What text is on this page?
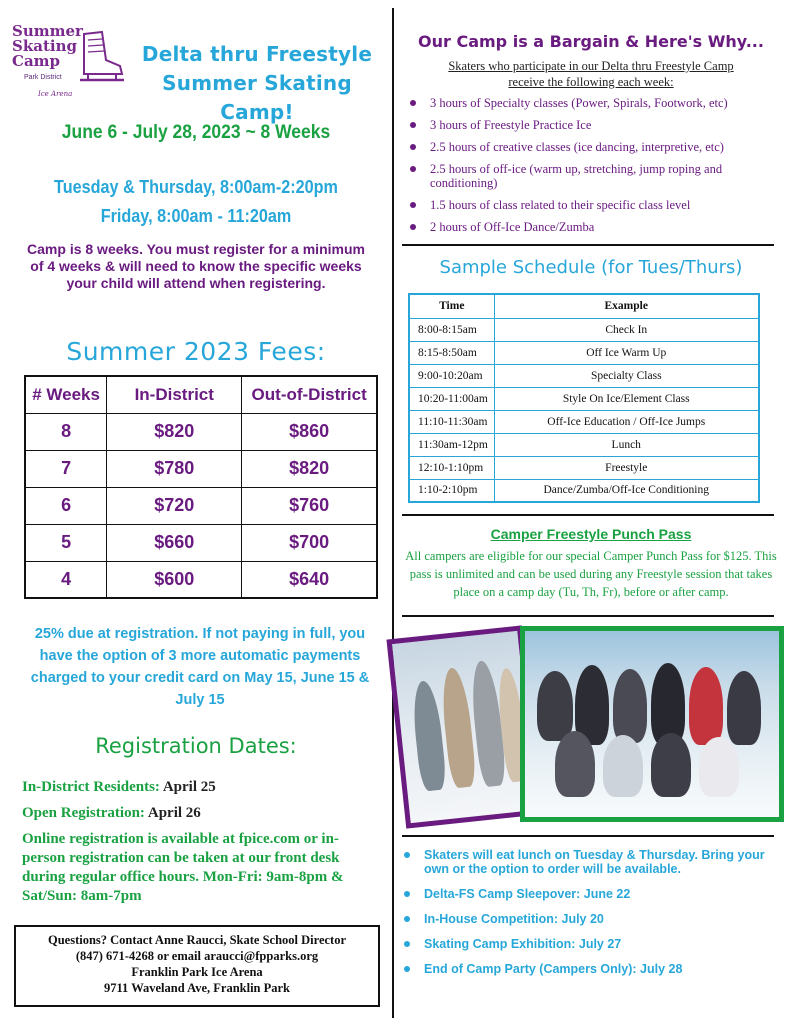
Summer
Skating
Camp
Park District
Ice Arena
Delta thru Freestyle
Summer Skating Camp!
June 6 - July 28, 2023 ~ 8 Weeks
Tuesday & Thursday, 8:00am-2:20pm
Friday, 8:00am - 11:20am
Camp is 8 weeks. You must register for a minimum of 4 weeks & will need to know the specific weeks your child will attend when registering.
Summer 2023 Fees:
# Weeks	In-District	Out-of-District
8	$820	$860
7	$780	$820
6	$720	$760
5	$660	$700
4	$600	$640
25% due at registration. If not paying in full, you have the option of 3 more automatic payments charged to your credit card on May 15, June 15 & July 15
Registration Dates:
In-District Residents: April 25
Open Registration: April 26
Online registration is available at fpice.com or in-person registration can be taken at our front desk during regular office hours. Mon-Fri: 9am-8pm & Sat/Sun: 8am-7pm
Questions? Contact Anne Raucci, Skate School Director
(847) 671-4268 or email araucci@fpparks.org
Franklin Park Ice Arena
9711 Waveland Ave, Franklin Park
Our Camp is a Bargain & Here's Why...
Skaters who participate in our Delta thru Freestyle Camp
receive the following each week:
3 hours of Specialty classes (Power, Spirals, Footwork, etc)
3 hours of Freestyle Practice Ice
2.5 hours of creative classes (ice dancing, interpretive, etc)
2.5 hours of off-ice (warm up, stretching, jump roping and conditioning)
1.5 hours of class related to their specific class level
2 hours of Off-Ice Dance/Zumba
Sample Schedule (for Tues/Thurs)
Time	Example
8:00-8:15am	Check In
8:15-8:50am	Off Ice Warm Up
9:00-10:20am	Specialty Class
10:20-11:00am	Style On Ice/Element Class
11:10-11:30am	Off-Ice Education / Off-Ice Jumps
11:30am-12pm	Lunch
12:10-1:10pm	Freestyle
1:10-2:10pm	Dance/Zumba/Off-Ice Conditioning
Camper Freestyle Punch Pass
All campers are eligible for our special Camper Punch Pass for $125. This pass is unlimited and can be used during any Freestyle session that takes place on a camp day (Tu, Th, Fr), before or after camp.
Skaters will eat lunch on Tuesday & Thursday. Bring your own or the option to order will be available.
Delta-FS Camp Sleepover: June 22
In-House Competition: July 20
Skating Camp Exhibition: July 27
End of Camp Party (Campers Only): July 28
